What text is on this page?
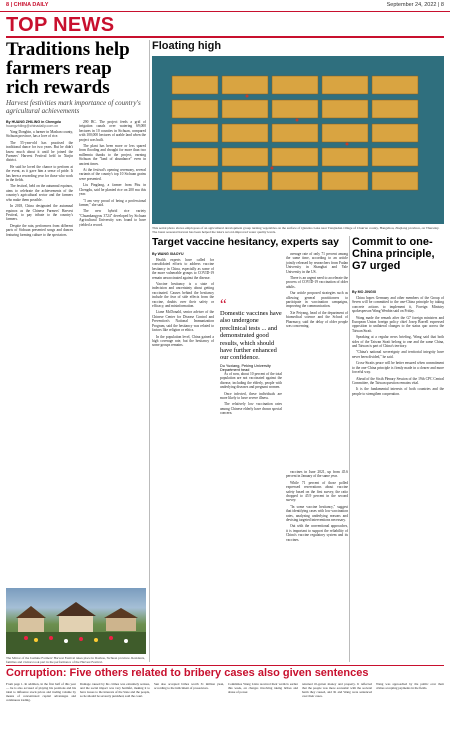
8 | CHINA DAILY	September 24, 2022 | 8
TOP NEWS
Traditions help farmers reap rich rewards
Harvest festivities mark importance of country's agricultural achievements
By HUANG ZHILING in Chengdu
huangzhiling@chinadaily.com.cn

Yang Dongbin, a farmer in Mashan county, Sichuan province, has a love of rice.

The 55-year-old has practised the traditional dance for two years. But he didn't know much about it until he joined the Farmers' Harvest Festival held in Xinjin district.

He said he loved the chance to perform at the event, as it gave him a sense of pride. It has been a rewarding year for those who work in the fields.

The festival, held on the autumnal equinox, aims to celebrate the achievements of the country's agricultural sector and the farmers who make them possible.

In 2018, China designated the autumnal equinox as the Chinese Farmers' Harvest Festival, to pay tribute to the country's farmers.

Despite the rain, performers from different parts of Sichuan presented songs and dances featuring farming culture to the spectators.

290 BC. The project feeds a grid of irrigation canals over watering 69,000 hectares in 10 counties in Sichuan, compared with 100,000 hectares of arable land when the project was built.

The plant has been more or less spared from flooding and drought for more than two millennia thanks to the project, earning Sichuan the "land of abundance" even in ancient times.

At the festival's opening ceremony, several variants of the county's top 10 Sichuan grains were presented.

Liu Pingfang, a farmer from Pitu in Chengdu, said he planted rice on 200 mu this year.

"I am very proud of being a professional farmer," she said.

The new hybrid rice variety "Chuankangyou 3724" developed by Sichuan Agricultural University was found to have yielded a record.

The Mirror of the Jasmine Farmers' Harvest Festival takes place in Dazhou, Sichuan province. Residents, families and visitors took part in the performance of the Harvest Festival.
Floating high
This aerial photo shows employees of an agricultural development group turning vegetables on the surface of Qiandao Lake near Tianjiadun village of Chun'an county, Hangzhou, Zhejiang province, on Thursday. The latest seasonal harvest has been helped the lake's record-improved water quality levels.
Target vaccine hesitancy, experts say
By WANG XIAOYU

Health experts have called for consolidated efforts to address vaccine hesitancy in China, especially as some of the more vulnerable groups to COVID-19 remain unvaccinated against the disease.

Vaccine hesitancy is a state of indecision and uncertainty about getting vaccinated. Causes behind the hesitancy include the fear of side effects from the vaccine, doubts over their safety or efficacy, and misinformation.

Liane McDonald, senior adviser of the Chinese Center for Disease Control and Prevention's National Immunization Program, said the hesitancy was related to factors like religion or ethics.

In the population level, China gained a high coverage rate, but the hesitancy of some groups remains.

“
Domestic vaccines have also undergone preclinical tests ... and demonstrated good results, which should have further enhanced our confidence.
Du Yuxiang, Peking University Department head

As of now, about 10 percent of the total population are not vaccinated against the disease, including the elderly, people with underlying diseases and pregnant women.

Once infected, these individuals are more likely to have severe illness.

The relatively low vaccination rates among Chinese elderly have drawn special concern.

average rate of only 71 percent among the same time, according to an article jointly released by researchers from Fudan University in Shanghai and Yale University in the US.

There is an urgent need to accelerate the process of COVID-19 vaccination of older adults.

Our article proposed strategies such as allowing general practitioners to participate in vaccination campaigns, improving the communication.

Xie Peiyang, head of the department of biomedical science and the School of Pharmacy, said the delay of older people was concerning.

vaccines in June 2021, up from 45.6 percent in January of the same year.

While 71 percent of those polled expressed reservations about vaccine safety based on the first survey, the ratio dropped to 45.9 percent in the second survey.

"In some vaccine hesitancy," suggest that identifying cases with low vaccination rates, analyzing underlying reasons and devising targeted interventions necessary.

Out with the conventional approaches, it is important to support the reliability of China's vaccine regulatory system and its vaccines.

Commit to one-China principle, G7 urged
By MO JINGXI

China hopes Germany and other members of the Group of Seven will be committed to the one-China principle by taking concrete actions to implement it, Foreign Ministry spokesperson Wang Wenbin said on Friday.

Wang made the remark after the G7 foreign ministers and European Union foreign policy chief Josep Borrell expressed opposition to unilateral changes to the status quo across the Taiwan Strait.

Speaking at a regular news briefing, Wang said that both sides of the Taiwan Strait belong to one and the same China, and Taiwan is part of China's territory.

"China's national sovereignty and territorial integrity have never been divided," he said.

Cross-Straits peace will be better ensured when commitment to the one-China principle is firmly made in a clearer and more forceful way.

Ahead of the Sixth Plenary Session of the 19th CPC Central Committee, the Taiwan question remains vital.

It is the fundamental interests of both countries and the people to strengthen cooperation.

Corruption: Five others related to bribery cases also given sentences
From page 1. In addition, in the first half of this year — he is also accused of playing his positions and his ideal to influence stock prices and trading volume by means of concentrated capital advantages and continuous trading.
Damage caused by his crimes was extremely serious, and the social impact was very harmful, making it to have losses to the interests of the State and the people, so he should be severely punished, said the court.
Sun also accepted bribes worth 31 million yuan, according to the indictment of prosecutors.
Committee Wang Lixiu received their verdicts earlier this week, on charges involving taking bribes and abuse of power.
returned ill-gotten money and property. It reflected that the people was more economic with the societal harm they caused, and Xi and Wang were sentenced over their cases.
Wang was approached by the public over their crimes accepting payments in the fields.
